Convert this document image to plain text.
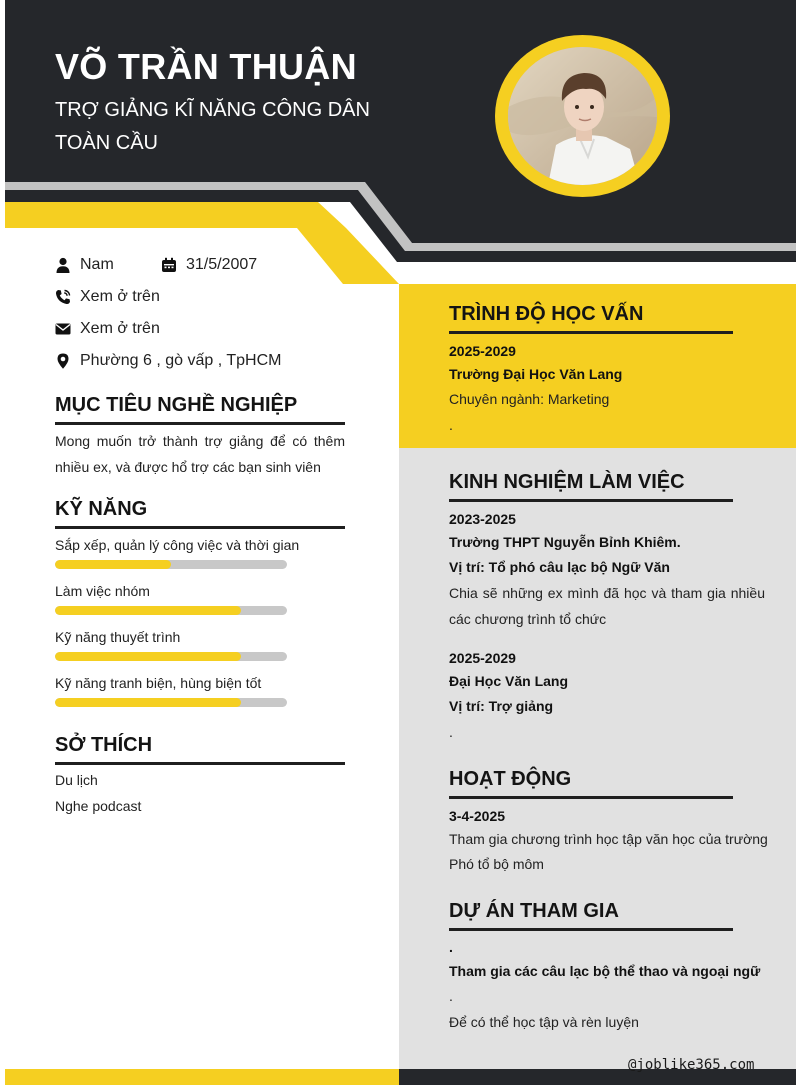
VÕ TRẦN THUẬN
TRỢ GIẢNG KĨ NĂNG CÔNG DÂN TOÀN CẦU
Nam	31/5/2007
Xem ở trên
Xem ở trên
Phường 6 , gò vấp , TpHCM
MỤC TIÊU NGHỀ NGHIỆP
Mong muốn trở thành trợ giảng để có thêm nhiều ex, và được hổ trợ các bạn sinh viên
KỸ NĂNG
Sắp xếp, quản lý công việc và thời gian
Làm việc nhóm
Kỹ năng thuyết trình
Kỹ năng tranh biện, hùng biện tốt
SỞ THÍCH
Du lịch
Nghe podcast
TRÌNH ĐỘ HỌC VẤN
2025-2029
Trường Đại Học Văn Lang
Chuyên ngành: Marketing
.
KINH NGHIỆM LÀM VIỆC
2023-2025
Trường THPT Nguyễn Bỉnh Khiêm.
Vị trí: Tổ phó câu lạc bộ Ngữ Văn
Chia sẽ những ex mình đã học và tham gia nhiều các chương trình tổ chức
2025-2029
Đại Học Văn Lang
Vị trí: Trợ giảng
.
HOẠT ĐỘNG
3-4-2025
Tham gia chương trình học tập văn học của trường
Phó tổ bộ môm
DỰ ÁN THAM GIA
.
Tham gia các câu lạc bộ thể thao và ngoại ngữ
.
Để có thể học tập và rèn luyện
@joblike365.com
